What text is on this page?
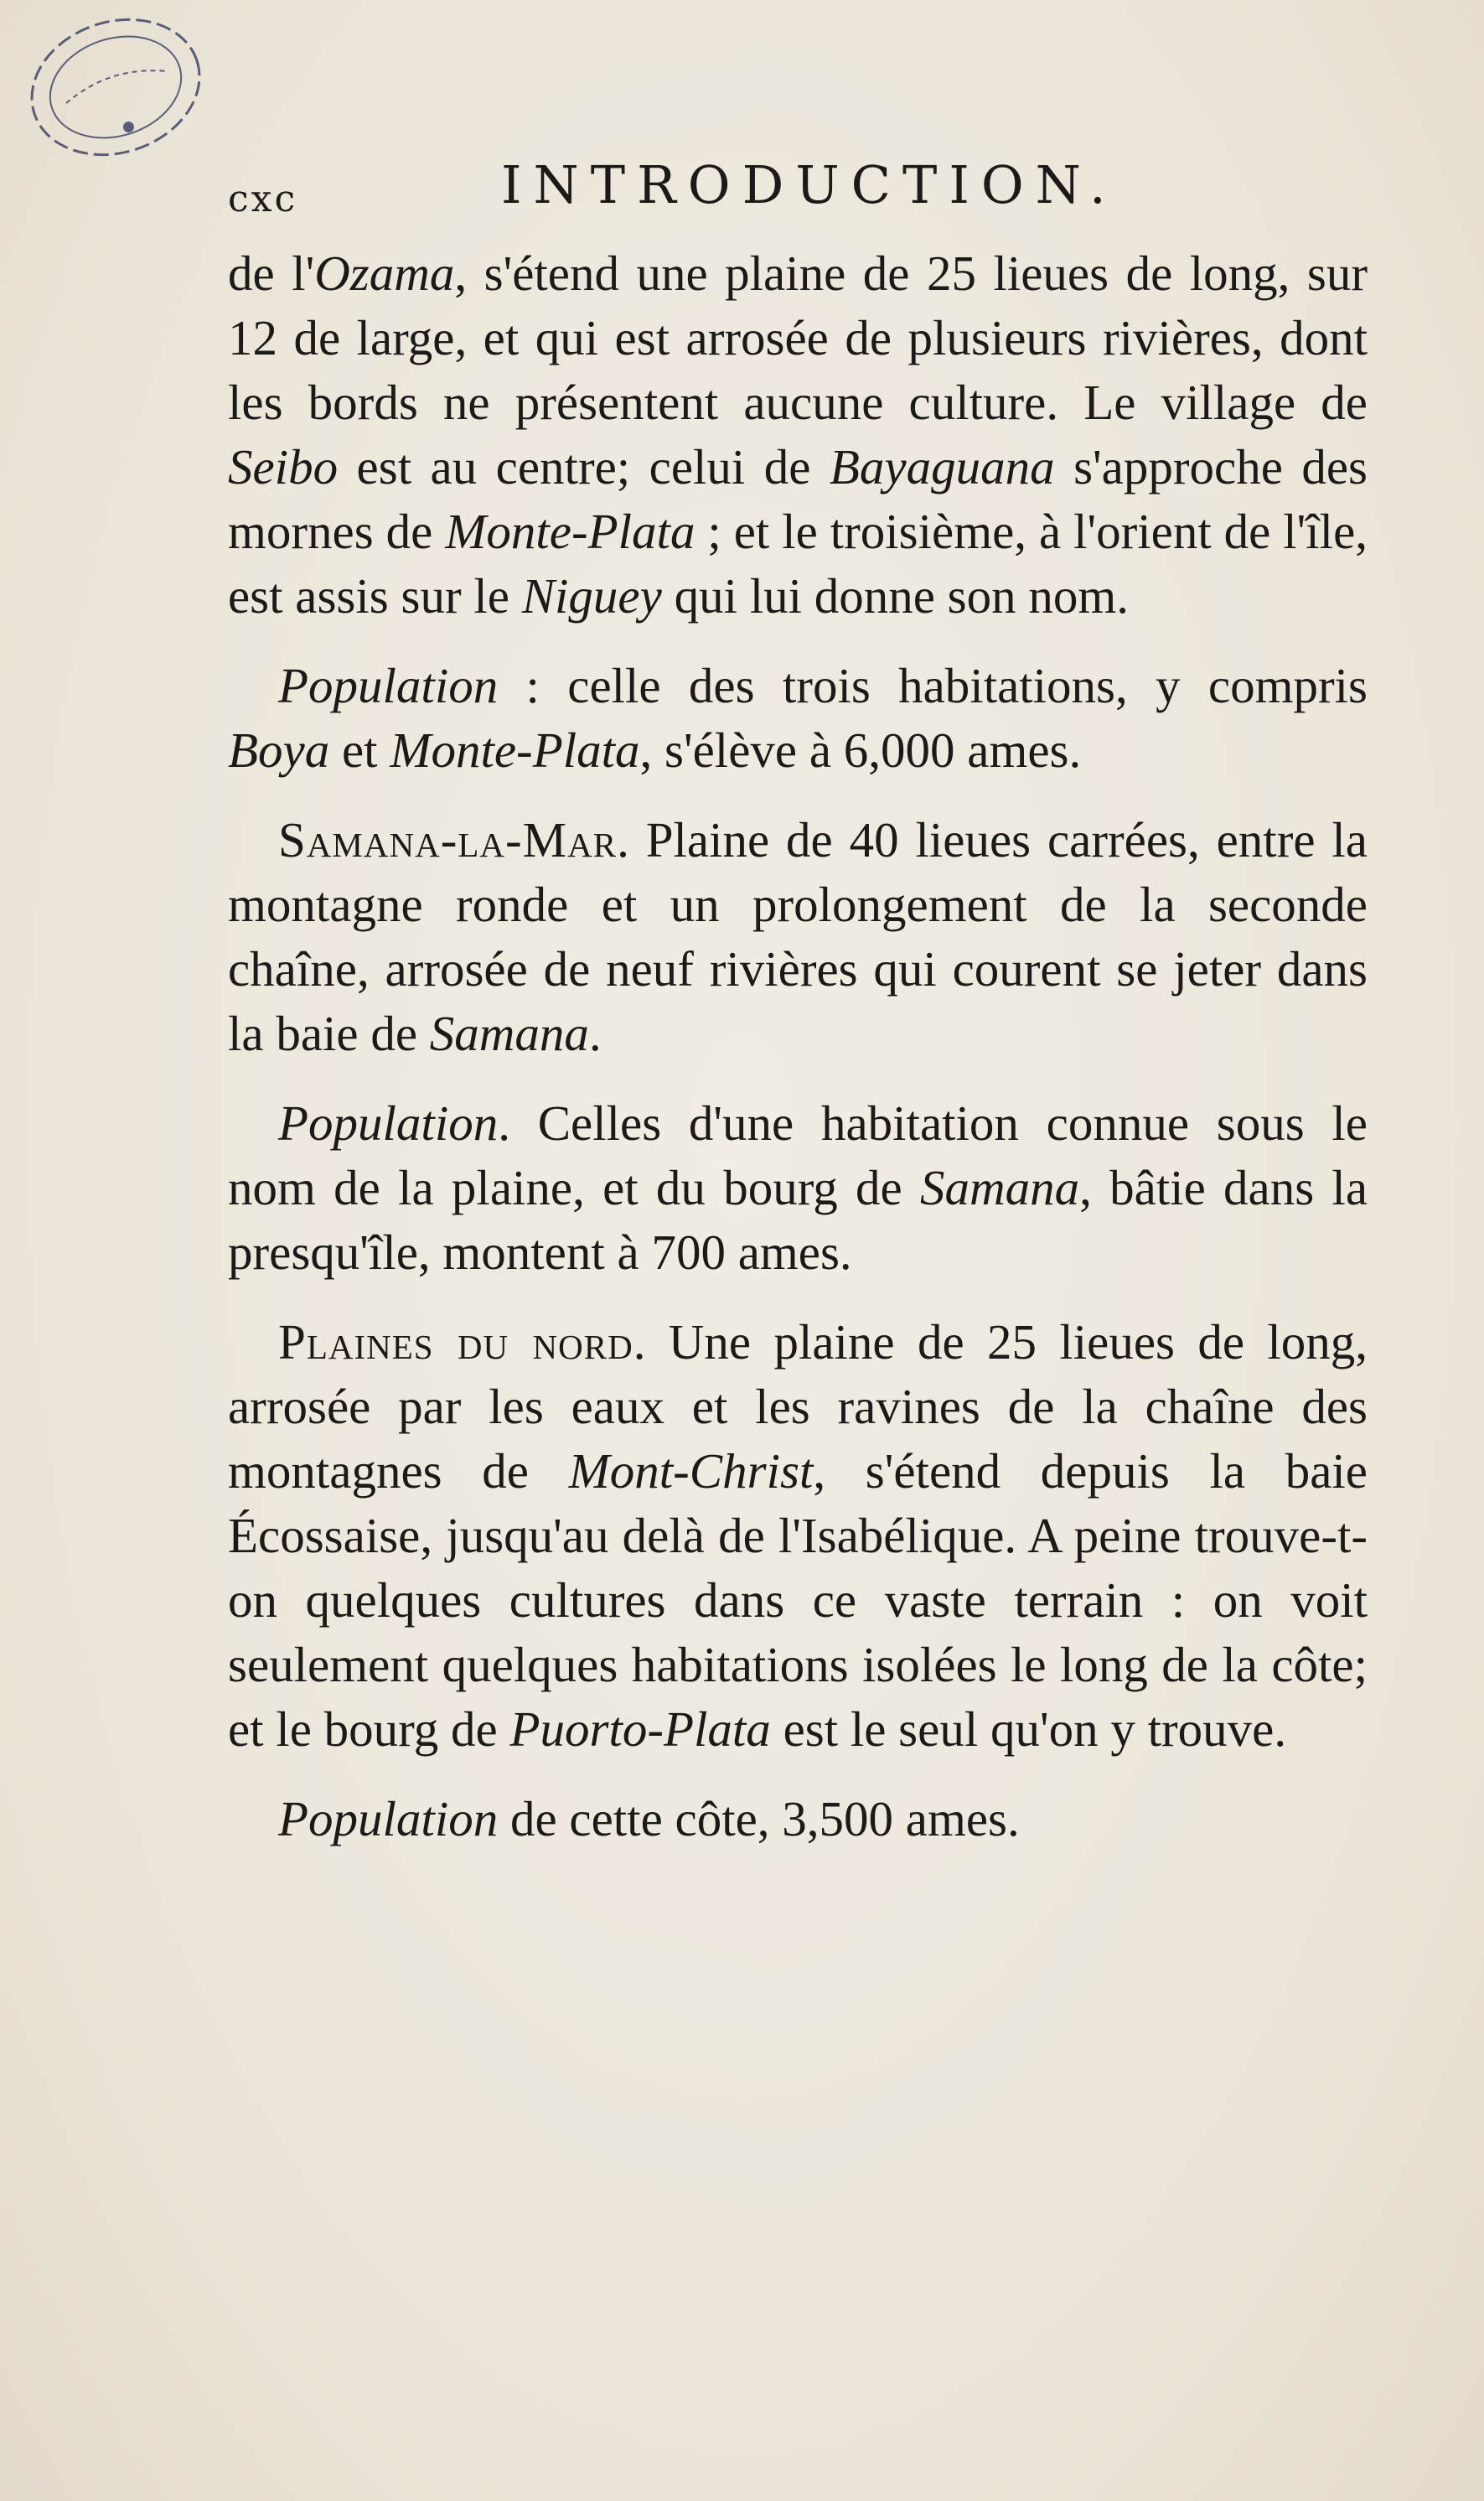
cxc	INTRODUCTION.

de l'Ozama, s'étend une plaine de 25 lieues de long, sur 12 de large, et qui est arrosée de plusieurs rivières, dont les bords ne présentent aucune culture. Le village de Seibo est au centre; celui de Bayaguana s'approche des mornes de Monte-Plata ; et le troisième, à l'orient de l'île, est assis sur le Niguey qui lui donne son nom.

Population : celle des trois habitations, y compris Boya et Monte-Plata, s'élève à 6,000 ames.

Samana-la-Mar. Plaine de 40 lieues carrées, entre la montagne ronde et un prolongement de la seconde chaîne, arrosée de neuf rivières qui courent se jeter dans la baie de Samana.

Population. Celles d'une habitation connue sous le nom de la plaine, et du bourg de Samana, bâtie dans la presqu'île, montent à 700 ames.

Plaines du nord. Une plaine de 25 lieues de long, arrosée par les eaux et les ravines de la chaîne des montagnes de Mont-Christ, s'étend depuis la baie Écossaise, jusqu'au delà de l'Isabélique. A peine trouve-t-on quelques cultures dans ce vaste terrain : on voit seulement quelques habitations isolées le long de la côte; et le bourg de Puorto-Plata est le seul qu'on y trouve.

Population de cette côte, 3,500 ames.
